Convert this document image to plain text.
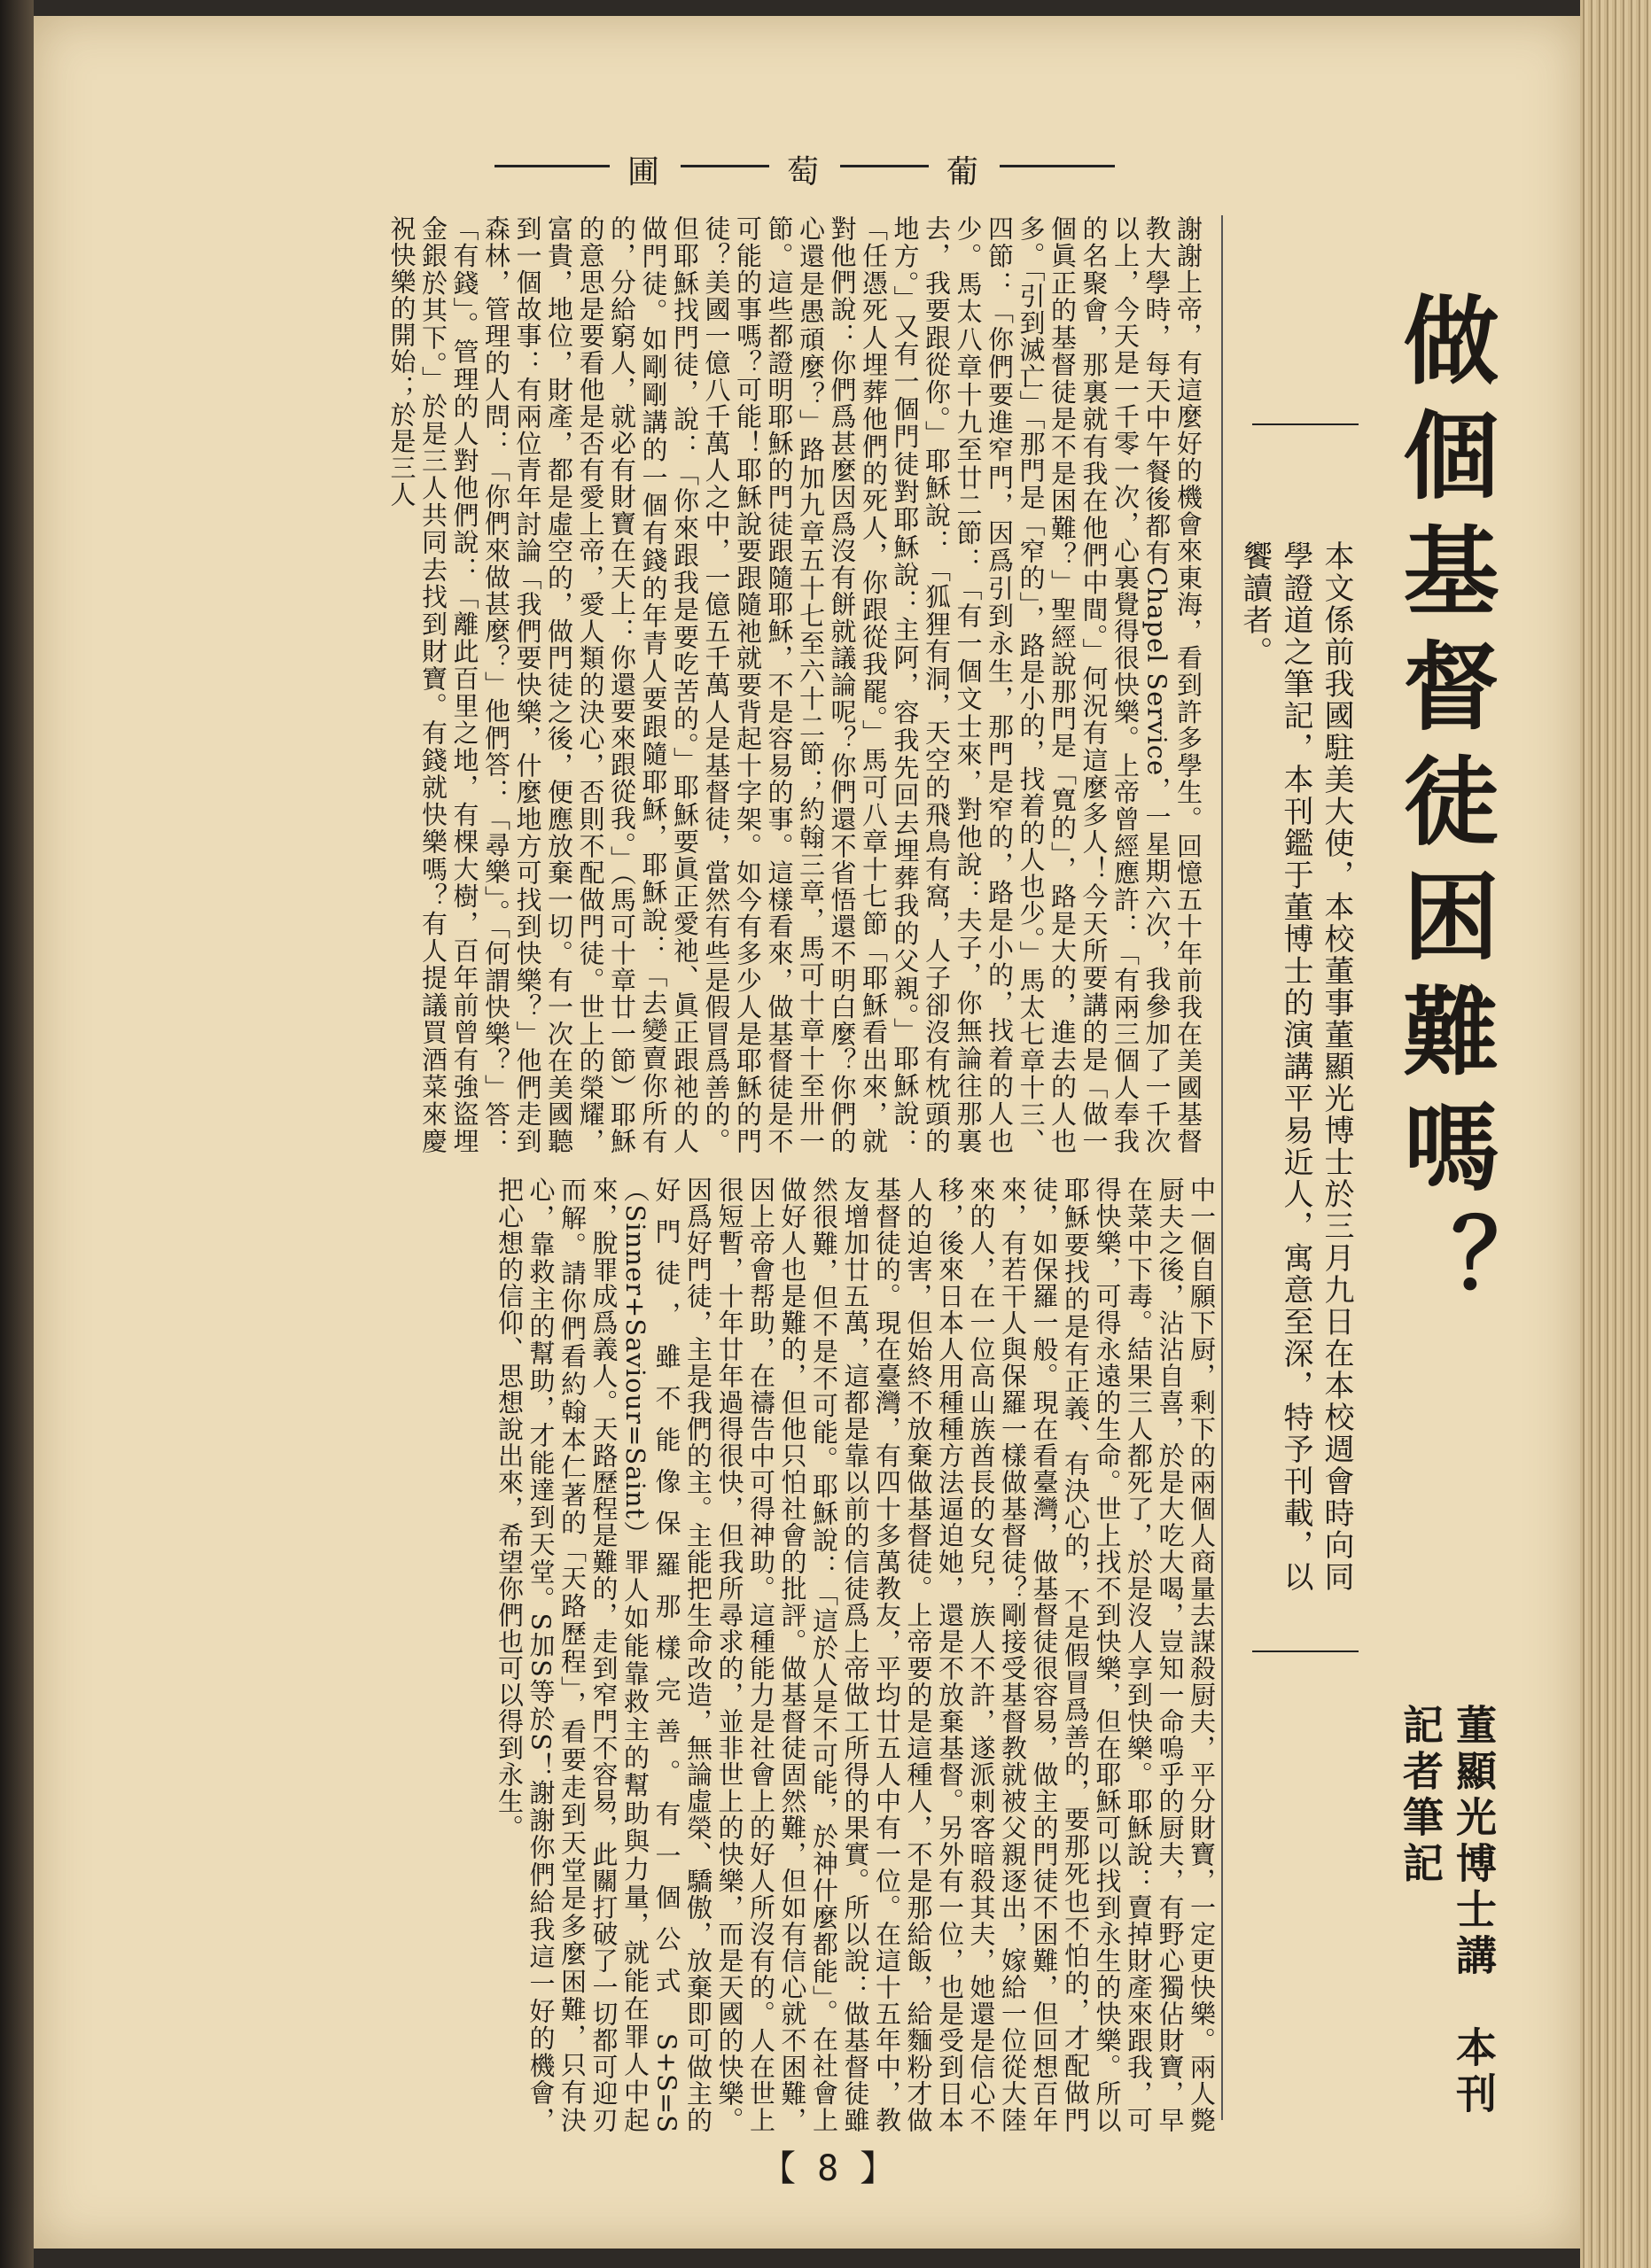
圃	萄	葡
做個基督徒困難嗎？
本文係前我國駐美大使，本校董事董顯光博士於三月九日在本校週會時向同學證道之筆記，本刊鑑于董博士的演講平易近人，寓意至深，特予刊載，以饗讀者。
董顯光博士講　本刊記者筆記
謝謝上帝，有這麼好的機會來東海，看到許多學生。回憶五十年前我在美國基督教大學時，每天中午餐後都有Chapel Service，一星期六次，我參加了一千次以上，今天是一千零一次，心裏覺得很快樂。上帝曾經應許：「有兩三個人奉我的名聚會，那裏就有我在他們中間。」何況有這麼多人！今天所要講的是「做一個眞正的基督徒是不是困難？」聖經說那門是「寬的」，路是大的，進去的人也多。「引到滅亡」「那門是「窄的」，路是小的，找着的人也少。」馬太七章十三、四節：「你們要進窄門，因爲引到永生，那門是窄的，路是小的，找着的人也少。馬太八章十九至廿二節：「有一個文士來，對他說：夫子，你無論往那裏去，我要跟從你。」耶穌說：「狐狸有洞，天空的飛鳥有窩，人子卻沒有枕頭的地方。」又有一個門徒對耶穌說：主阿，容我先回去埋葬我的父親。」耶穌說：「任憑死人埋葬他們的死人，你跟從我罷。」馬可八章十七節「耶穌看出來，就對他們說：你們爲甚麼因爲沒有餅就議論呢？你們還不省悟還不明白麼？你們的心還是愚頑麼？」路加九章五十七至六十二節；約翰三章，馬可十章十至卅一節。這些都證明耶穌的門徒跟隨耶穌，不是容易的事。這樣看來，做基督徒是不可能的事嗎？可能！耶穌說要跟隨祂就要背起十字架。如今有多少人是耶穌的門徒？美國一億八千萬人之中，一億五千萬人是基督徒，當然有些是假冒爲善的。但耶穌找門徒，說：「你來跟我是要吃苦的。」耶穌要眞正愛祂、眞正跟祂的人做門徒。如剛剛講的一個有錢的年青人要跟隨耶穌，耶穌說：「去變賣你所有的，分給窮人，就必有財寶在天上：你還要來跟從我。」（馬可十章廿一節）耶穌的意思是要看他是否有愛上帝，愛人類的決心，否則不配做門徒。世上的榮耀，富貴，地位，財產，都是虛空的，做門徒之後，便應放棄一切。有一次在美國聽到一個故事：有兩位青年討論「我們要快樂，什麼地方可找到快樂？」他們走到森林，管理的人問：「你們來做甚麼？」他們答：「尋樂」。「何謂快樂？」答：「有錢」。管理的人對他們說：「離此百里之地，有棵大樹，百年前曾有強盜埋金銀於其下。」於是三人共同去找到財寶。有錢就快樂嗎？有人提議買酒菜來慶祝快樂的開始；於是三人
中一個自願下厨，剩下的兩個人商量去謀殺厨夫，平分財寶，一定更快樂。兩人斃厨夫之後，沾沾自喜，於是大吃大喝，豈知一命嗚乎的厨夫，有野心獨佔財寶，早在菜中下毒。結果三人都死了，於是沒人享到快樂。耶穌說：賣掉財產來跟我，可得快樂，可得永遠的生命。世上找不到快樂，但在耶穌可以找到永生的快樂。所以耶穌要找的是有正義、有決心的，不是假冒爲善的，要那死也不怕的，才配做門徒，如保羅一般。現在看臺灣，做基督徒很容易，做主的門徒不困難，但回想百年來，有若干人與保羅一樣做基督徒？剛接受基督教就被父親逐出，嫁給一位從大陸來的人，在一位高山族酋長的女兒，族人不許，遂派刺客暗殺其夫，她還是信心不移，後來日本人用種種方法逼迫她，還是不放棄基督。另外有一位，也是受到日本人的迫害，但始終不放棄做基督徒。上帝要的是這種人，不是那給飯，給麵粉才做基督徒的。現在臺灣，有四十多萬教友，平均廿五人中有一位。在這十五年中，教友增加廿五萬，這都是靠以前的信徒爲上帝做工所得的果實。所以說：做基督徒雖然很難，但不是不可能。耶穌說：「這於人是不可能，於神什麼都能」。在社會上做好人也是難的，但他只怕社會的批評。做基督徒固然難，但如有信心就不困難，因上帝會帮助，在禱告中可得神助。這種能力是社會上的好人所沒有的。人在世上很短暫，十年廿年過得很快，但我所尋求的，並非世上的快樂，而是天國的快樂。因爲好門徒，主是我們的主。主能把生命改造，無論虛榮、驕傲，放棄即可做主的好門徒，雖不能像保羅那樣完善。有一個公式 S+S=S（Sinner+Saviour=Saint）罪人如能靠救主的幫助與力量，就能在罪人中起來，脫罪成爲義人。天路歷程是難的，走到窄門不容易，此關打破了一切都可迎刃而解。請你們看約翰本仁著的「天路歷程」，看要走到天堂是多麼困難，只有決心，靠救主的幫助，才能達到天堂。S加S等於S！謝謝你們給我這一好的機會，把心想的信仰、思想說出來，希望你們也可以得到永生。
【 8 】
